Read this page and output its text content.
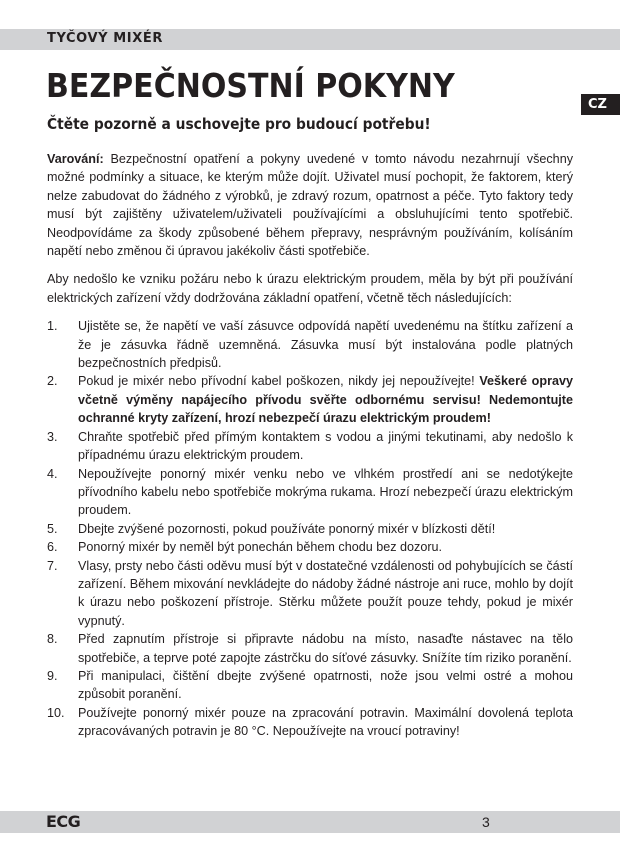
TYČOVÝ MIXÉR
CZ
BEZPEČNOSTNÍ POKYNY
Čtěte pozorně a uschovejte pro budoucí potřebu!

Varování: Bezpečnostní opatření a pokyny uvedené v tomto návodu nezahrnují všechny možné podmínky a situace, ke kterým může dojít. Uživatel musí pochopit, že faktorem, který nelze zabudovat do žádného z výrobků, je zdravý rozum, opatrnost a péče. Tyto faktory tedy musí být zajištěny uživatelem/uživateli používajícími a obsluhujícími tento spotřebič. Neodpovídáme za škody způsobené během přepravy, nesprávným používáním, kolísáním napětí nebo změnou či úpravou jakékoliv části spotřebiče.

Aby nedošlo ke vzniku požáru nebo k úrazu elektrickým proudem, měla by být při používání elektrických zařízení vždy dodržována základní opatření, včetně těch následujících:

1. Ujistěte se, že napětí ve vaší zásuvce odpovídá napětí uvedenému na štítku zařízení a že je zásuvka řádně uzemněná. Zásuvka musí být instalována podle platných bezpečnostních předpisů.
2. Pokud je mixér nebo přívodní kabel poškozen, nikdy jej nepoužívejte! Veškeré opravy včetně výměny napájecího přívodu svěřte odbornému servisu! Nedemontujte ochranné kryty zařízení, hrozí nebezpečí úrazu elektrickým proudem!
3. Chraňte spotřebič před přímým kontaktem s vodou a jinými tekutinami, aby nedošlo k případnému úrazu elektrickým proudem.
4. Nepoužívejte ponorný mixér venku nebo ve vlhkém prostředí ani se nedotýkejte přívodního kabelu nebo spotřebiče mokrýma rukama. Hrozí nebezpečí úrazu elektrickým proudem.
5. Dbejte zvýšené pozornosti, pokud používáte ponorný mixér v blízkosti dětí!
6. Ponorný mixér by neměl být ponechán během chodu bez dozoru.
7. Vlasy, prsty nebo části oděvu musí být v dostatečné vzdálenosti od pohybujících se částí zařízení. Během mixování nevkládejte do nádoby žádné nástroje ani ruce, mohlo by dojít k úrazu nebo poškození přístroje. Stěrku můžete použít pouze tehdy, pokud je mixér vypnutý.
8. Před zapnutím přístroje si připravte nádobu na místo, nasaďte nástavec na tělo spotřebiče, a teprve poté zapojte zástrčku do síťové zásuvky. Snížíte tím riziko poranění.
9. Při manipulaci, čištění dbejte zvýšené opatrnosti, nože jsou velmi ostré a mohou způsobit poranění.
10. Používejte ponorný mixér pouze na zpracování potravin. Maximální dovolená teplota zpracovávaných potravin je 80 °C. Nepoužívejte na vroucí potraviny!
ECG	3
